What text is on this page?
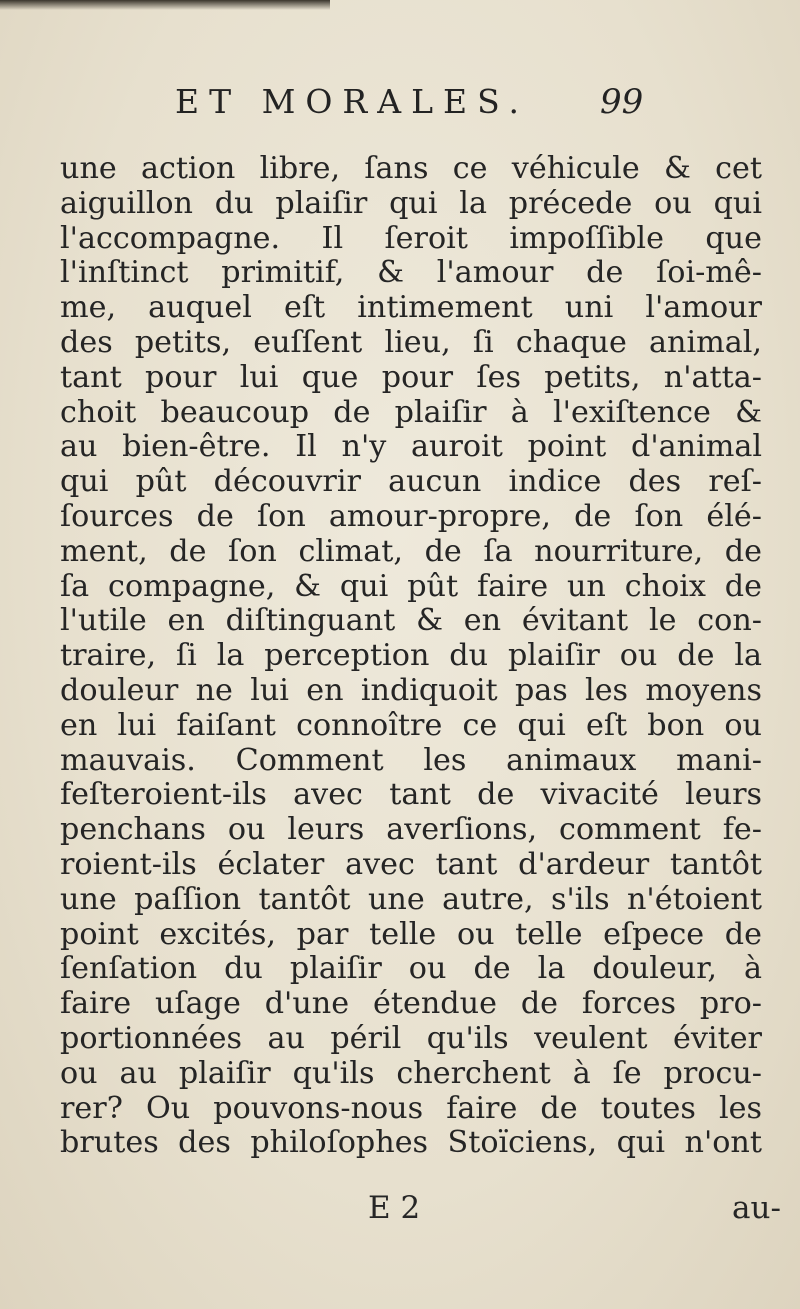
ET MORALES. 99
une action libre, ſans ce véhicule & cet
aiguillon du plaiſir qui la précede ou qui
l'accompagne. Il ſeroit impoſſible que
l'inſtinct primitif, & l'amour de ſoi-mê-
me, auquel eſt intimement uni l'amour
des petits, euſſent lieu, ſi chaque animal,
tant pour lui que pour ſes petits, n'atta-
choit beaucoup de plaiſir à l'exiſtence &
au bien-être. Il n'y auroit point d'animal
qui pût découvrir aucun indice des reſ-
ſources de ſon amour-propre, de ſon élé-
ment, de ſon climat, de ſa nourriture, de
ſa compagne, & qui pût faire un choix de
l'utile en diſtinguant & en évitant le con-
traire, ſi la perception du plaiſir ou de la
douleur ne lui en indiquoit pas les moyens
en lui faiſant connoître ce qui eſt bon ou
mauvais. Comment les animaux mani-
feſteroient-ils avec tant de vivacité leurs
penchans ou leurs averſions, comment fe-
roient-ils éclater avec tant d'ardeur tantôt
une paſſion tantôt une autre, s'ils n'étoient
point excités, par telle ou telle eſpece de
ſenſation du plaiſir ou de la douleur, à
faire uſage d'une étendue de forces pro-
portionnées au péril qu'ils veulent éviter
ou au plaiſir qu'ils cherchent à ſe procu-
rer? Ou pouvons-nous faire de toutes les
brutes des philoſophes Stoïciens, qui n'ont
E 2	au-
